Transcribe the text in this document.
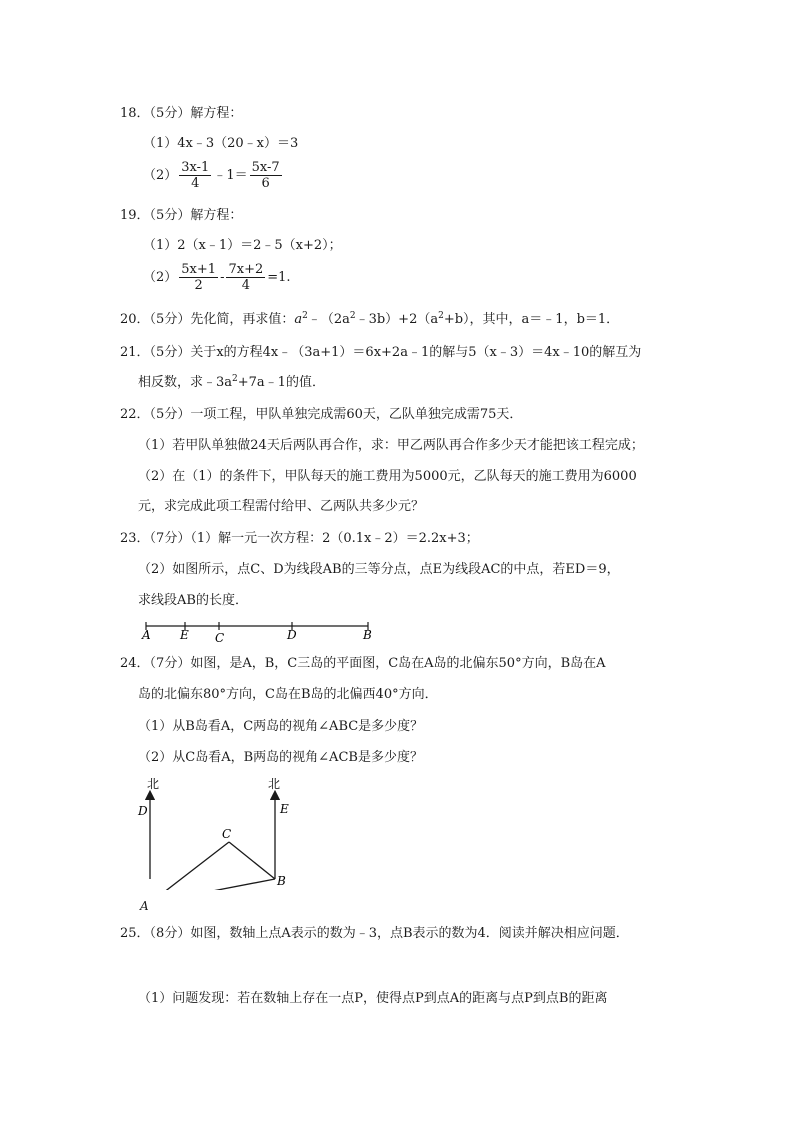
18．（5分）解方程：
（1）4x﹣3（20﹣x）＝3
$(2) \frac{3x-1}{4}$ ﹣1＝ $\frac{5x-7}{6}$
19．（5分）解方程：
（1）2（x﹣1）＝2﹣5（x+2）；
$(2) \frac{5x+1}{2} - \frac{7x+2}{4} =1$.
20．（5分）先化简，再求值：$a^2﹣(2a^2﹣3b)+2(a^2+b)$，其中，a＝﹣1，b＝1．
21．（5分）关于x的方程4x﹣（3a+1）＝6x+2a﹣1的解与5（x﹣3）＝4x﹣10的解互为
相反数，求$﹣3a^2+7a﹣1$的值．
22．（5分）一项工程，甲队单独完成需60天，乙队单独完成需75天．
（1）若甲队单独做24天后两队再合作，求：甲乙两队再合作多少天才能把该工程完成；
（2）在（1）的条件下，甲队每天的施工费用为5000元，乙队每天的施工费用为6000
元，求完成此项工程需付给甲、乙两队共多少元？
23．（7分）（1）解一元一次方程：2（0.1x﹣2）＝2.2x+3；
（2）如图所示，点C、D为线段AB的三等分点，点E为线段AC的中点，若ED＝9，
求线段AB的长度．
A E C	D	B
24．（7分）如图，是A，B，C三岛的平面图，C岛在A岛的北偏东50°方向，B岛在A
岛的北偏东80°方向，C岛在B岛的北偏西40°方向．
（1）从B岛看A，C两岛的视角∠ABC是多少度？
（2）从C岛看A，B两岛的视角∠ACB是多少度？
北	北
D	E
C
B
A
25．（8分）如图，数轴上点A表示的数为﹣3，点B表示的数为4．阅读并解决相应问题．
（1）问题发现：若在数轴上存在一点P，使得点P到点A的距离与点P到点B的距离
